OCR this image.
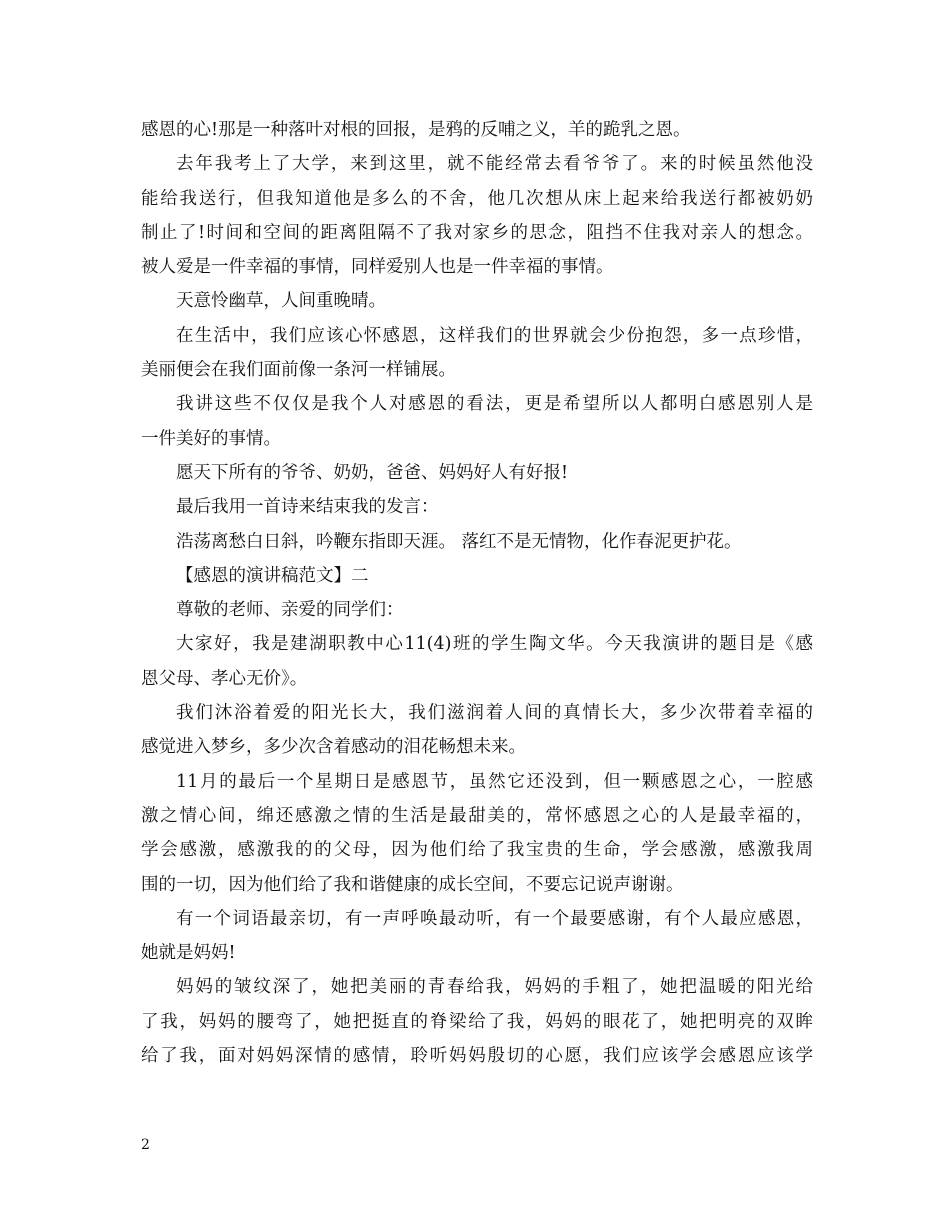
感恩的心!那是一种落叶对根的回报，是鸦的反哺之义，羊的跪乳之恩。
去年我考上了大学，来到这里，就不能经常去看爷爷了。来的时候虽然他没
能给我送行，但我知道他是多么的不舍，他几次想从床上起来给我送行都被奶奶
制止了!时间和空间的距离阻隔不了我对家乡的思念，阻挡不住我对亲人的想念。
被人爱是一件幸福的事情，同样爱别人也是一件幸福的事情。
天意怜幽草，人间重晚晴。
在生活中，我们应该心怀感恩，这样我们的世界就会少份抱怨，多一点珍惜，
美丽便会在我们面前像一条河一样铺展。
我讲这些不仅仅是我个人对感恩的看法，更是希望所以人都明白感恩别人是
一件美好的事情。
愿天下所有的爷爷、奶奶，爸爸、妈妈好人有好报!
最后我用一首诗来结束我的发言：
浩荡离愁白日斜，吟鞭东指即天涯。 落红不是无情物，化作春泥更护花。
【感恩的演讲稿范文】二
尊敬的老师、亲爱的同学们：
大家好，我是建湖职教中心11(4)班的学生陶文华。今天我演讲的题目是《感
恩父母、孝心无价》。
我们沐浴着爱的阳光长大，我们滋润着人间的真情长大，多少次带着幸福的
感觉进入梦乡，多少次含着感动的泪花畅想未来。
11月的最后一个星期日是感恩节，虽然它还没到，但一颗感恩之心，一腔感
激之情心间，绵还感激之情的生活是最甜美的，常怀感恩之心的人是最幸福的，
学会感激，感激我的的父母，因为他们给了我宝贵的生命，学会感激，感激我周
围的一切，因为他们给了我和谐健康的成长空间，不要忘记说声谢谢。
有一个词语最亲切，有一声呼唤最动听，有一个最要感谢，有个人最应感恩，
她就是妈妈!
妈妈的皱纹深了，她把美丽的青春给我，妈妈的手粗了，她把温暖的阳光给
了我，妈妈的腰弯了，她把挺直的脊梁给了我，妈妈的眼花了，她把明亮的双眸
给了我，面对妈妈深情的感情，聆听妈妈殷切的心愿，我们应该学会感恩应该学
2
